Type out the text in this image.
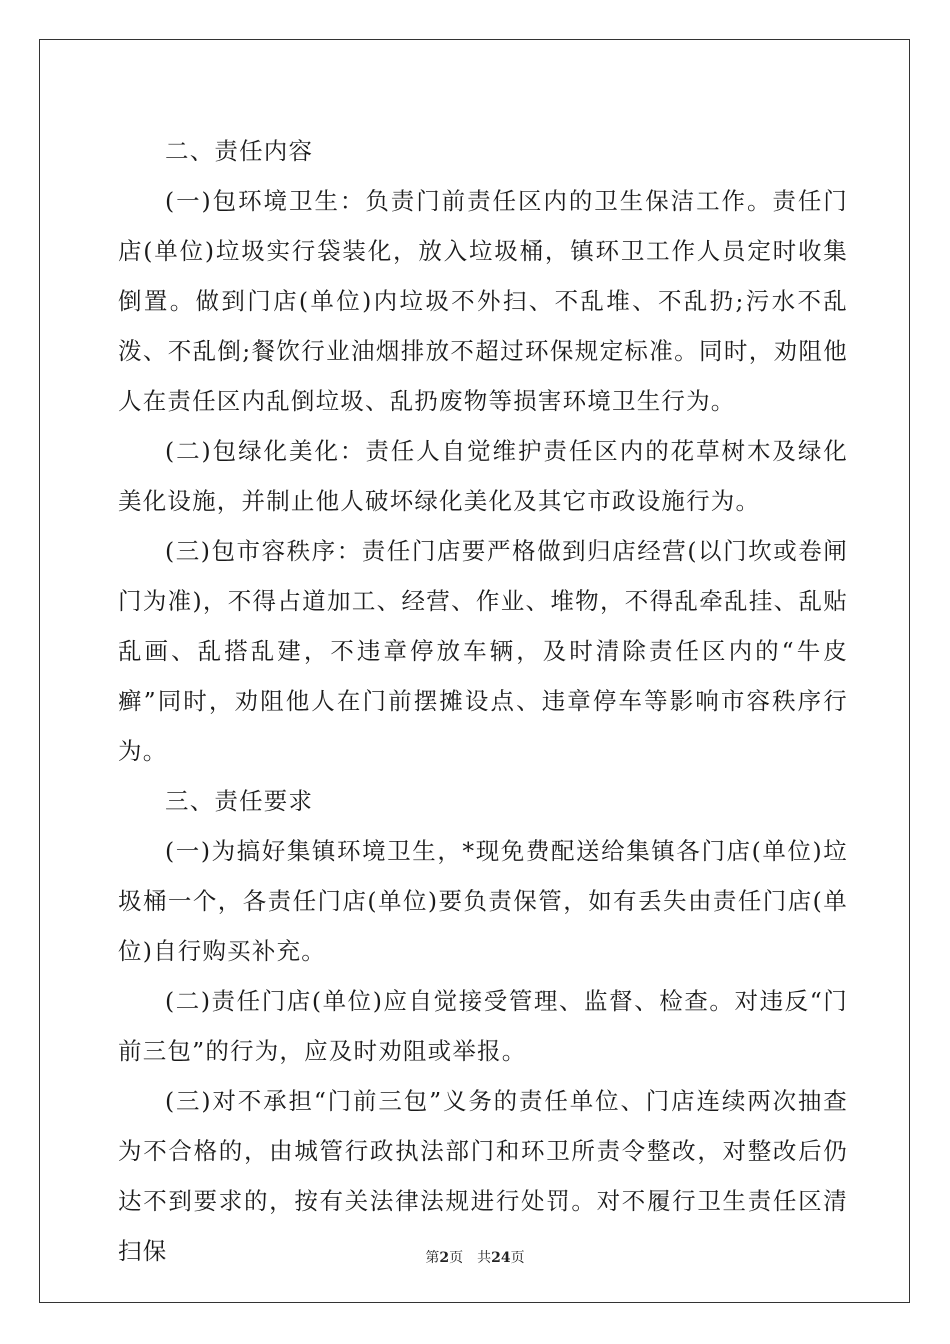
二、责任内容

(一)包环境卫生：负责门前责任区内的卫生保洁工作。责任门店(单位)垃圾实行袋装化，放入垃圾桶，镇环卫工作人员定时收集倒置。做到门店(单位)内垃圾不外扫、不乱堆、不乱扔;污水不乱泼、不乱倒;餐饮行业油烟排放不超过环保规定标准。同时，劝阻他人在责任区内乱倒垃圾、乱扔废物等损害环境卫生行为。

(二)包绿化美化：责任人自觉维护责任区内的花草树木及绿化美化设施，并制止他人破坏绿化美化及其它市政设施行为。

(三)包市容秩序：责任门店要严格做到归店经营(以门坎或卷闸门为准)，不得占道加工、经营、作业、堆物，不得乱牵乱挂、乱贴乱画、乱搭乱建，不违章停放车辆，及时清除责任区内的“牛皮癣”同时，劝阻他人在门前摆摊设点、违章停车等影响市容秩序行为。

三、责任要求

(一)为搞好集镇环境卫生，*现免费配送给集镇各门店(单位)垃圾桶一个，各责任门店(单位)要负责保管，如有丢失由责任门店(单位)自行购买补充。

(二)责任门店(单位)应自觉接受管理、监督、检查。对违反“门前三包”的行为，应及时劝阻或举报。

(三)对不承担“门前三包”义务的责任单位、门店连续两次抽查为不合格的，由城管行政执法部门和环卫所责令整改，对整改后仍达不到要求的，按有关法律法规进行处罚。对不履行卫生责任区清扫保	第2页　共24页
